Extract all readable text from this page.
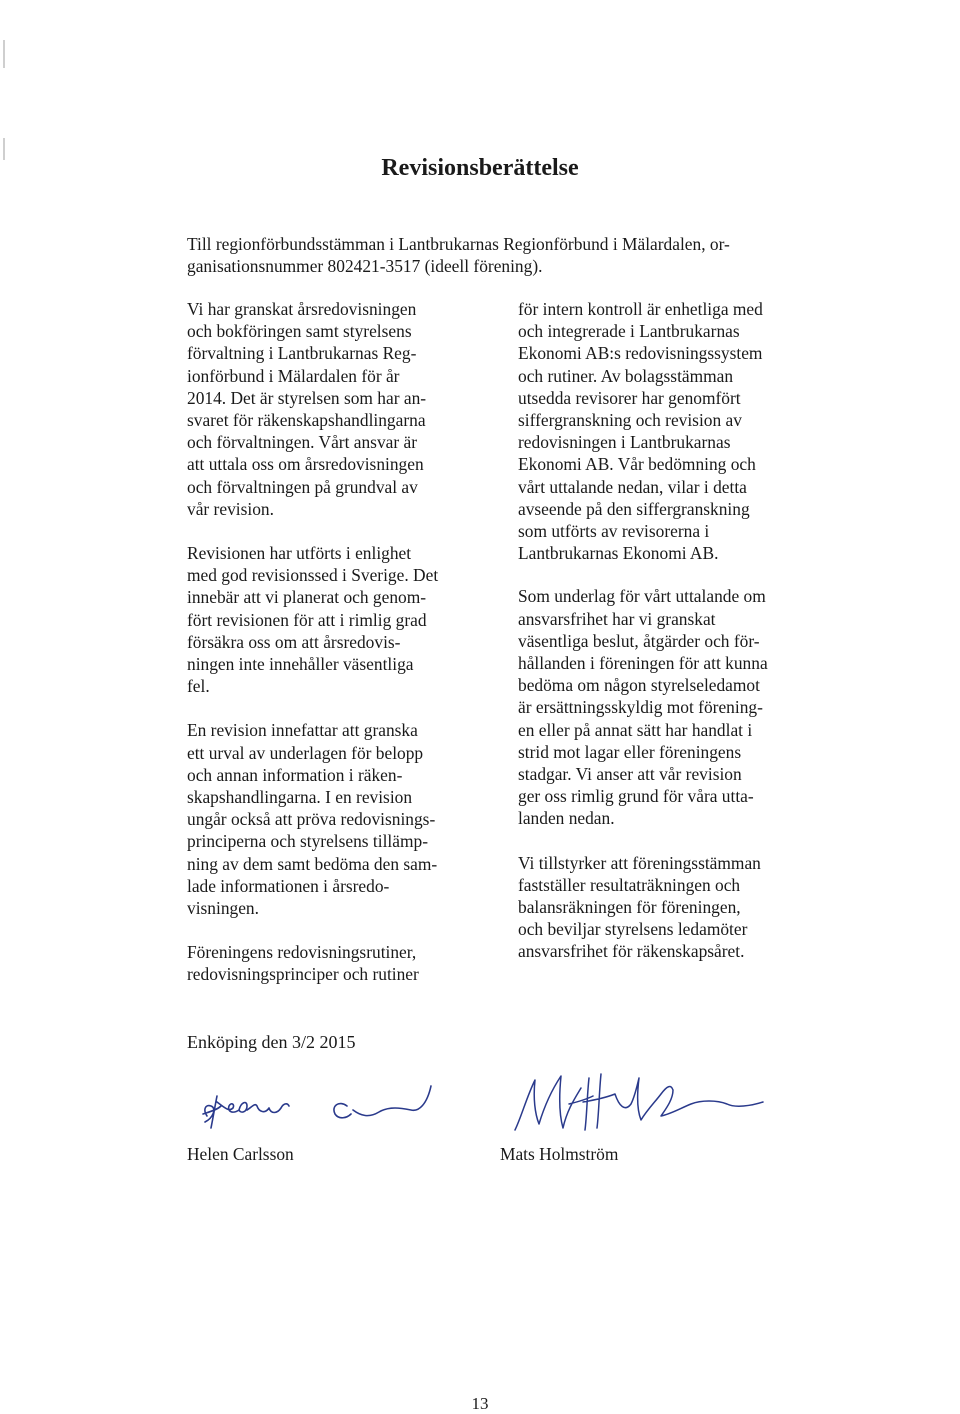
Revisionsberättelse

Till regionförbundsstämman i Lantbrukarnas Regionförbund i Mälardalen, or-
ganisationsnummer 802421-3517 (ideell förening).

Vi har granskat årsredovisningen
och bokföringen samt styrelsens
förvaltning i Lantbrukarnas Reg-
ionförbund i Mälardalen för år
2014. Det är styrelsen som har an-
svaret för räkenskapshandlingarna
och förvaltningen. Vårt ansvar är
att uttala oss om årsredovisningen
och förvaltningen på grundval av
vår revision.

Revisionen har utförts i enlighet
med god revisionssed i Sverige. Det
innebär att vi planerat och genom-
fört revisionen för att i rimlig grad
försäkra oss om att årsredovis-
ningen inte innehåller väsentliga
fel.

En revision innefattar att granska
ett urval av underlagen för belopp
och annan information i räken-
skapshandlingarna. I en revision
ungår också att pröva redovisnings-
principerna och styrelsens tillämp-
ning av dem samt bedöma den sam-
lade informationen i årsredo-
visningen.

Föreningens redovisningsrutiner,
redovisningsprinciper och rutiner

för intern kontroll är enhetliga med
och integrerade i Lantbrukarnas
Ekonomi AB:s redovisningssystem
och rutiner. Av bolagsstämman
utsedda revisorer har genomfört
siffergranskning och revision av
redovisningen i Lantbrukarnas
Ekonomi AB. Vår bedömning och
vårt uttalande nedan, vilar i detta
avseende på den siffergranskning
som utförts av revisorerna i
Lantbrukarnas Ekonomi AB.

Som underlag för vårt uttalande om
ansvarsfrihet har vi granskat
väsentliga beslut, åtgärder och för-
hållanden i föreningen för att kunna
bedöma om någon styrelseledamot
är ersättningsskyldig mot förening-
en eller på annat sätt har handlat i
strid mot lagar eller föreningens
stadgar. Vi anser att vår revision
ger oss rimlig grund för våra utta-
landen nedan.

Vi tillstyrker att föreningsstämman
fastställer resultaträkningen och
balansräkningen för föreningen,
och beviljar styrelsens ledamöter
ansvarsfrihet för räkenskapsåret.

Enköping den 3/2 2015

Helen Carlsson	Mats Holmström

13
